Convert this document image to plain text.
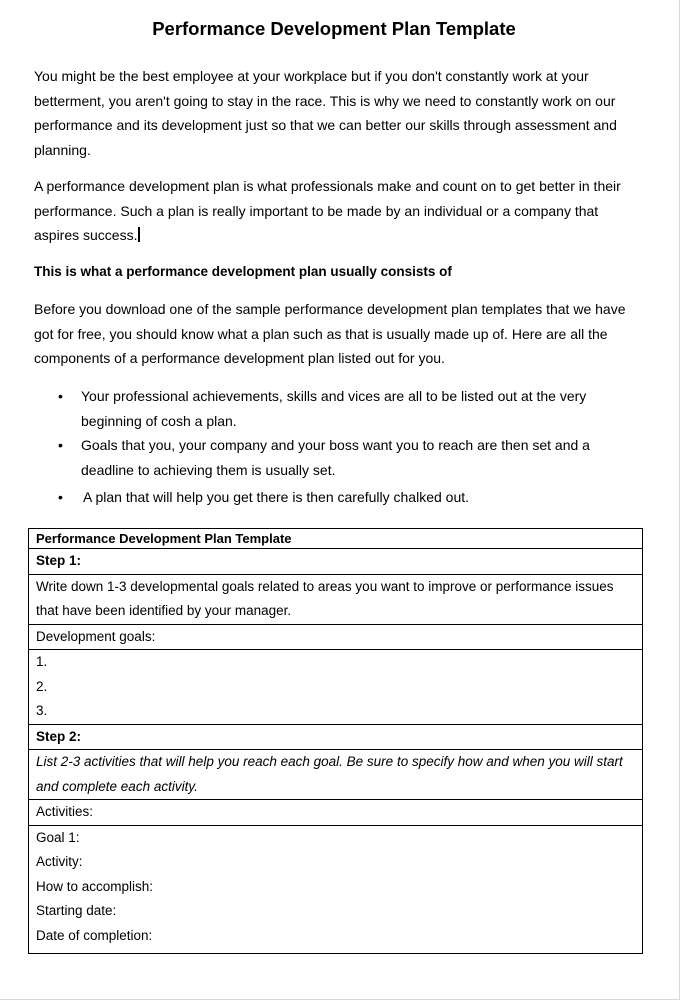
Performance Development Plan Template

You might be the best employee at your workplace but if you don't constantly work at your betterment, you aren't going to stay in the race. This is why we need to constantly work on our performance and its development just so that we can better our skills through assessment and planning.

A performance development plan is what professionals make and count on to get better in their performance. Such a plan is really important to be made by an individual or a company that aspires success.

This is what a performance development plan usually consists of

Before you download one of the sample performance development plan templates that we have got for free, you should know what a plan such as that is usually made up of. Here are all the components of a performance development plan listed out for you.

• Your professional achievements, skills and vices are all to be listed out at the very beginning of cosh a plan.
• Goals that you, your company and your boss want you to reach are then set and a deadline to achieving them is usually set.
• A plan that will help you get there is then carefully chalked out.
Performance Development Plan Template
Step 1:
Write down 1-3 developmental goals related to areas you want to improve or performance issues that have been identified by your manager.
Development goals:

1.
2.
3.

Step 2:
List 2-3 activities that will help you reach each goal. Be sure to specify how and when you will start and complete each activity.
Activities:

Goal 1:
Activity:
How to accomplish:
Starting date:
Date of completion:
